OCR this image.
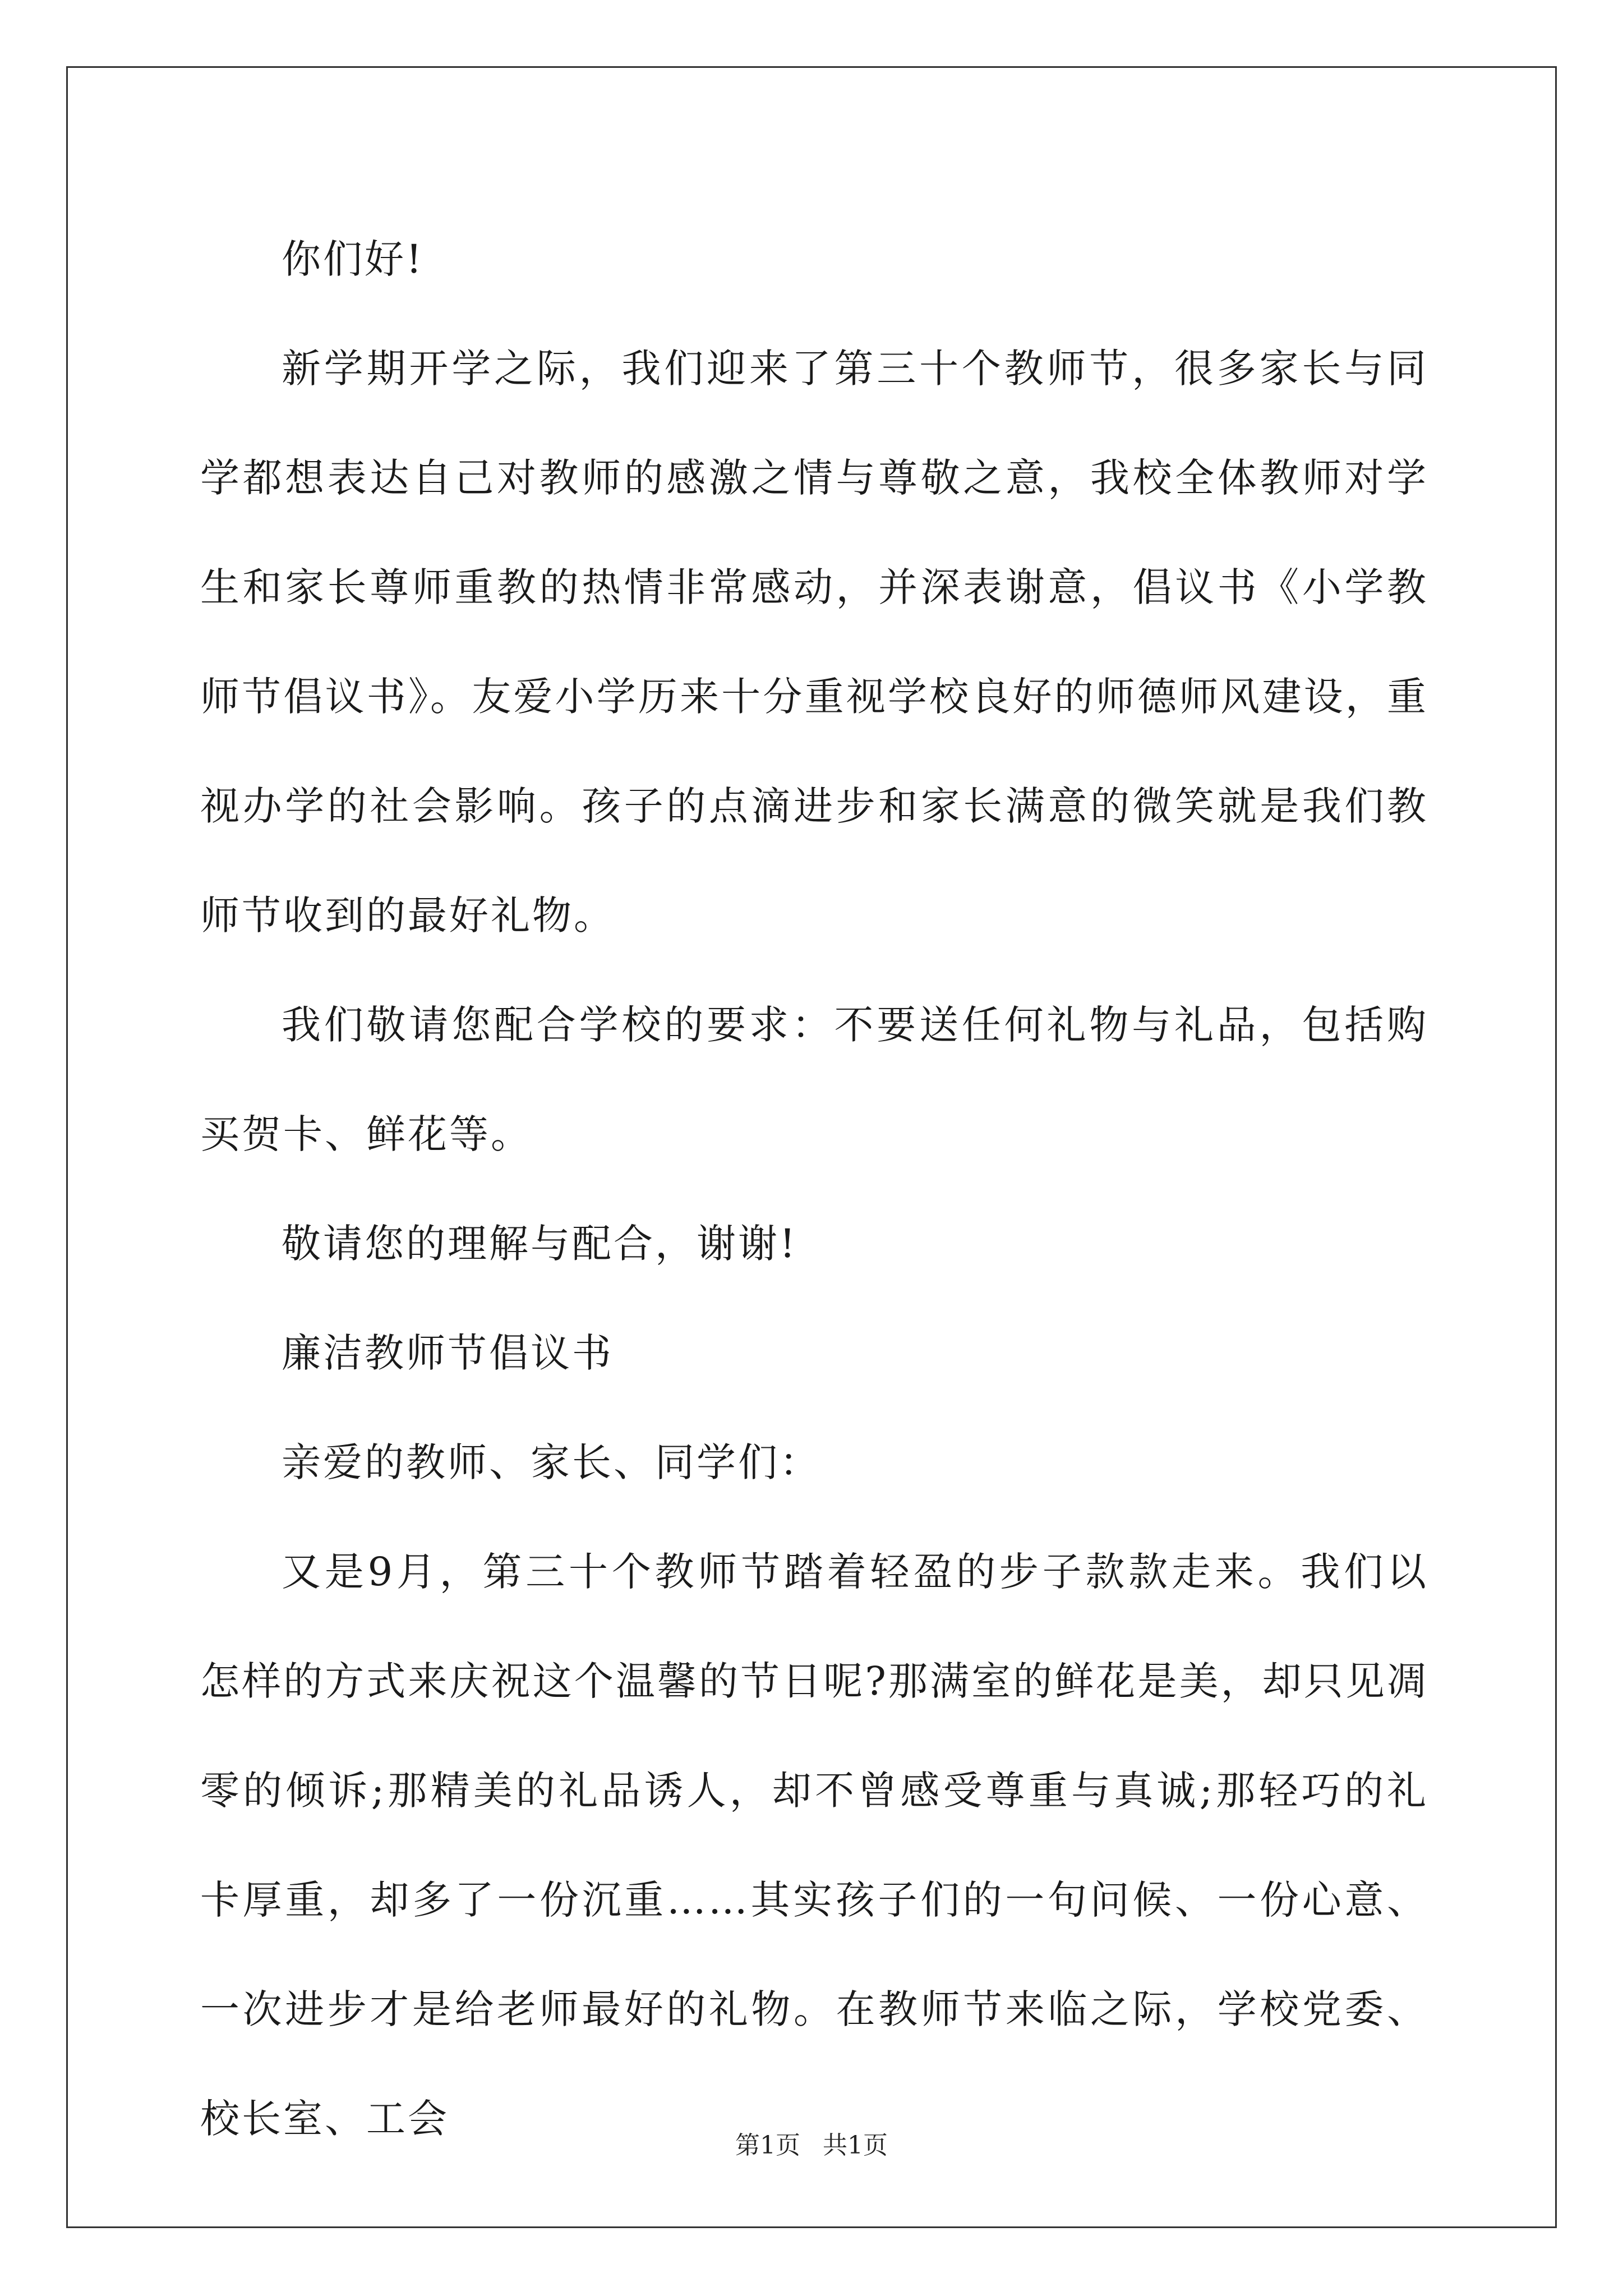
你们好!

新学期开学之际，我们迎来了第三十个教师节，很多家长与同学都想表达自己对教师的感激之情与尊敬之意，我校全体教师对学生和家长尊师重教的热情非常感动，并深表谢意，倡议书《小学教师节倡议书》。友爱小学历来十分重视学校良好的师德师风建设，重视办学的社会影响。孩子的点滴进步和家长满意的微笑就是我们教师节收到的最好礼物。

我们敬请您配合学校的要求：不要送任何礼物与礼品，包括购买贺卡、鲜花等。

敬请您的理解与配合，谢谢!

廉洁教师节倡议书

亲爱的教师、家长、同学们：

又是9月，第三十个教师节踏着轻盈的步子款款走来。我们以怎样的方式来庆祝这个温馨的节日呢?那满室的鲜花是美，却只见凋零的倾诉;那精美的礼品诱人，却不曾感受尊重与真诚;那轻巧的礼卡厚重，却多了一份沉重……其实孩子们的一句问候、一份心意、一次进步才是给老师最好的礼物。在教师节来临之际，学校党委、校长室、工会

第1页 共1页
